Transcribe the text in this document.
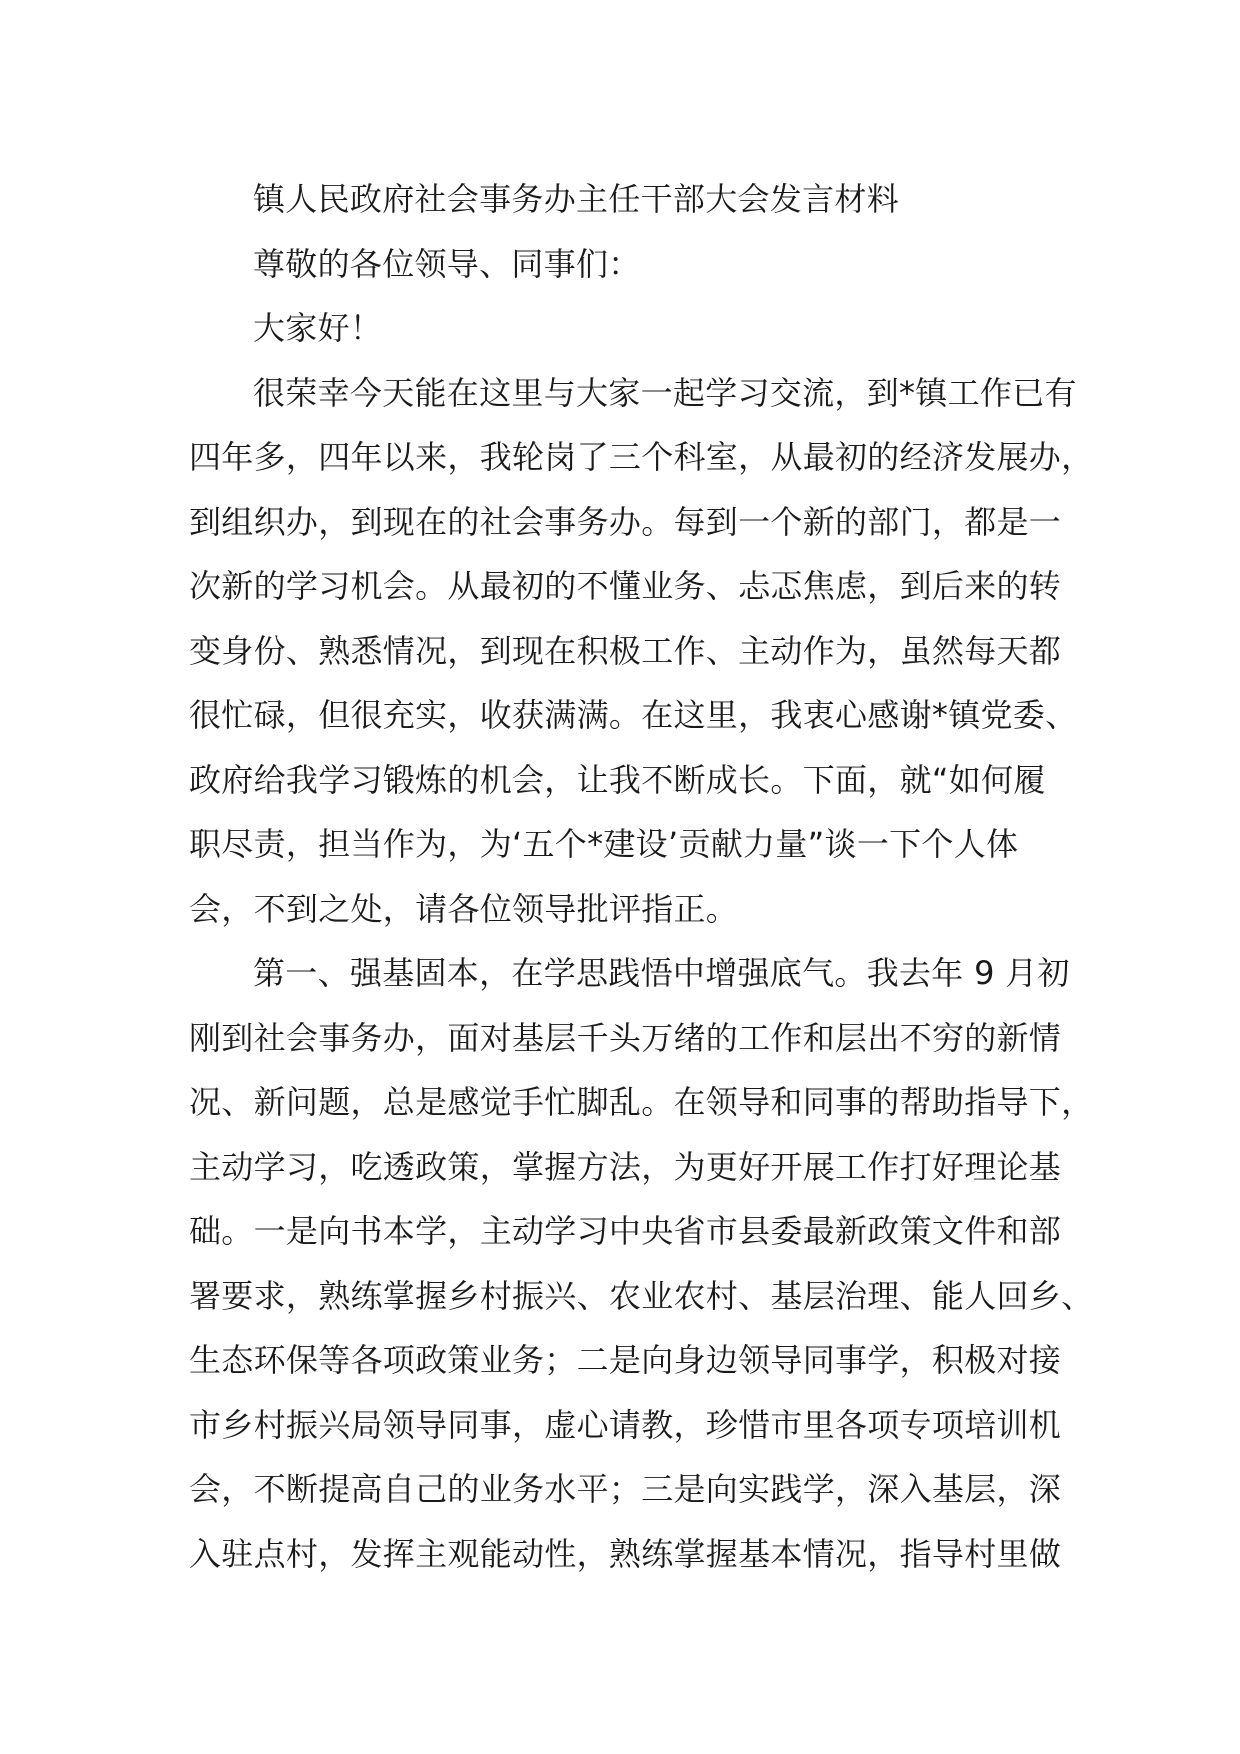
镇人民政府社会事务办主任干部大会发言材料
尊敬的各位领导、同事们：
大家好！
很荣幸今天能在这里与大家一起学习交流，到*镇工作已有
四年多，四年以来，我轮岗了三个科室，从最初的经济发展办，
到组织办，到现在的社会事务办。每到一个新的部门，都是一
次新的学习机会。从最初的不懂业务、忐忑焦虑，到后来的转
变身份、熟悉情况，到现在积极工作、主动作为，虽然每天都
很忙碌，但很充实，收获满满。在这里，我衷心感谢*镇党委、
政府给我学习锻炼的机会，让我不断成长。下面，就“如何履
职尽责，担当作为，为‘五个*建设’贡献力量”谈一下个人体
会，不到之处，请各位领导批评指正。
第一、强基固本，在学思践悟中增强底气。我去年 9 月初
刚到社会事务办，面对基层千头万绪的工作和层出不穷的新情
况、新问题，总是感觉手忙脚乱。在领导和同事的帮助指导下，
主动学习，吃透政策，掌握方法，为更好开展工作打好理论基
础。一是向书本学，主动学习中央省市县委最新政策文件和部
署要求，熟练掌握乡村振兴、农业农村、基层治理、能人回乡、
生态环保等各项政策业务；二是向身边领导同事学，积极对接
市乡村振兴局领导同事，虚心请教，珍惜市里各项专项培训机
会，不断提高自己的业务水平；三是向实践学，深入基层，深
入驻点村，发挥主观能动性，熟练掌握基本情况，指导村里做
